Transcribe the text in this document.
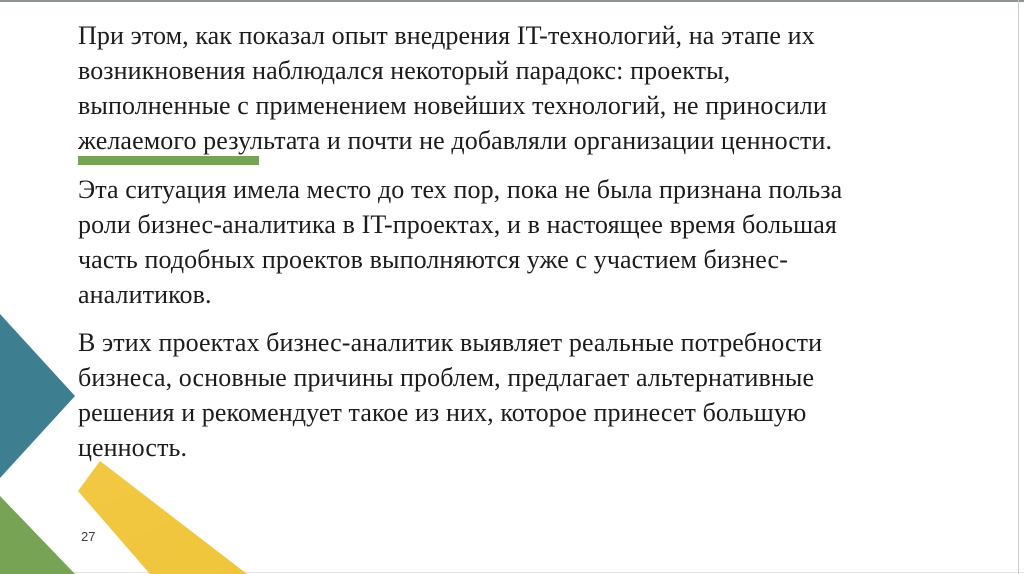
При этом, как показал опыт внедрения IT-технологий, на этапе их
возникновения наблюдался некоторый парадокс: проекты,
выполненные с применением новейших технологий, не приносили
желаемого результата и почти не добавляли организации ценности.
Эта ситуация имела место до тех пор, пока не была признана польза
роли бизнес-аналитика в IT-проектах, и в настоящее время большая
часть подобных проектов выполняются уже с участием бизнес-
аналитиков.
В этих проектах бизнес-аналитик выявляет реальные потребности
бизнеса, основные причины проблем, предлагает альтернативные
решения и рекомендует такое из них, которое принесет большую
ценность.
27
